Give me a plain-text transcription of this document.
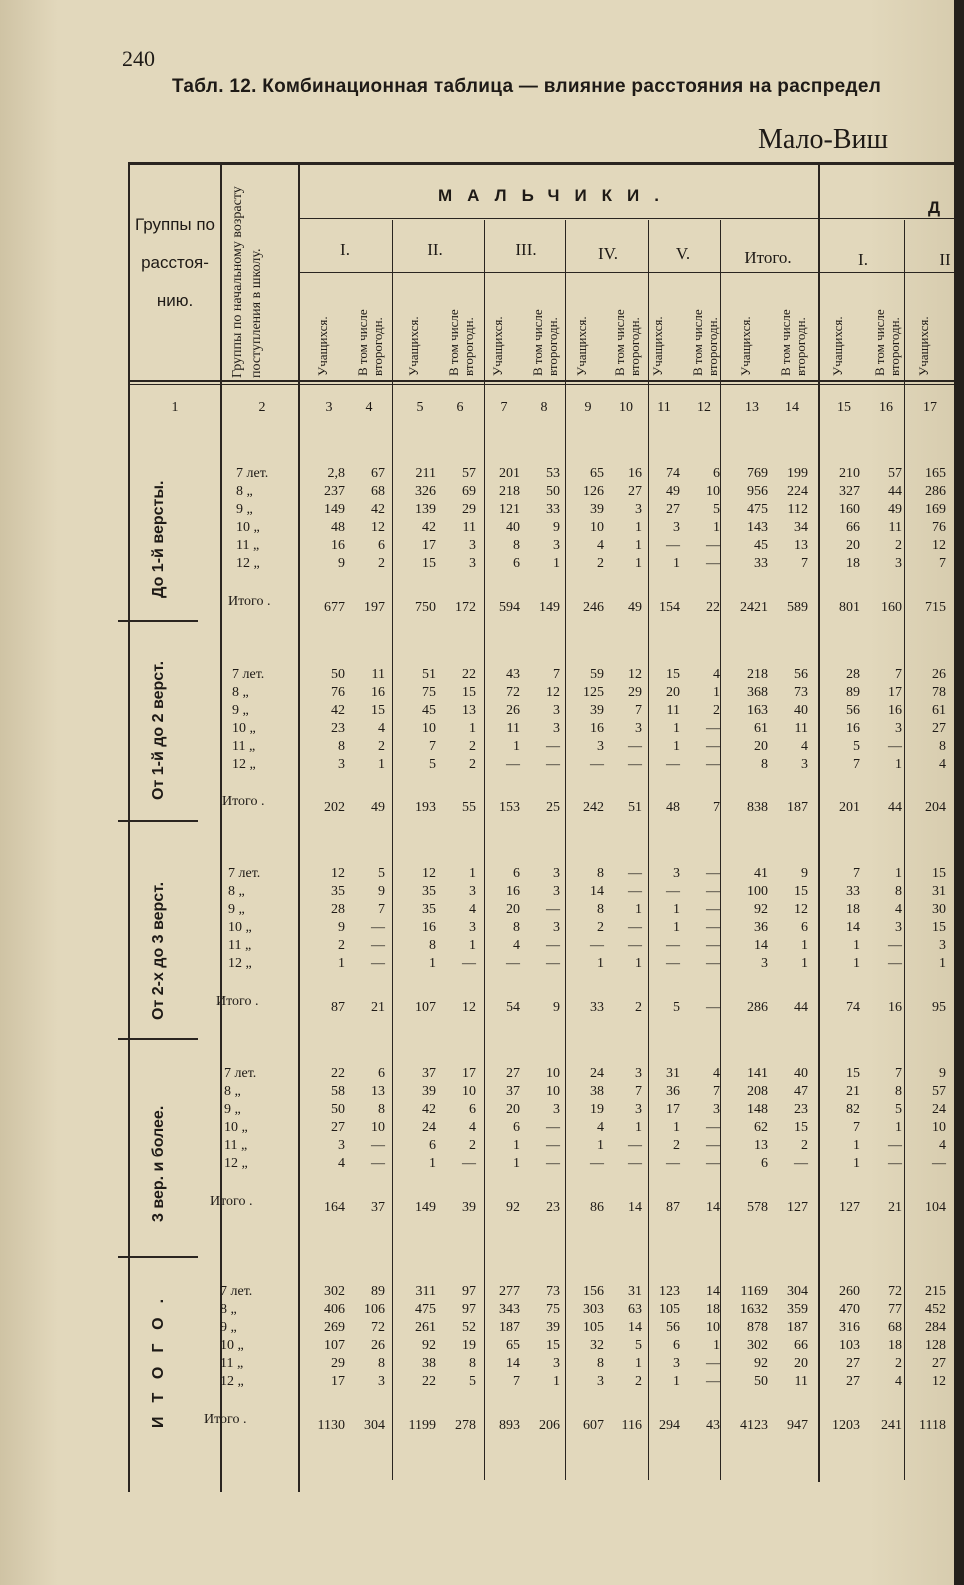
240
Табл. 12. Комбинационная таблица — влияние расстояния на распредел
Мало-Виш
Группы по расстоя-нию.	Группы по начальному возрасту поступления в школу.
МАЛЬЧИКИ.
Д
I.	II.	III.	IV.	V.	Итого.	I.	II
Учащихся. В том числе второгодн. Учащихся. В том числе второгодн. Учащихся. В том числе второгодн. Учащихся. В том числе второгодн. Учащихся. В том числе второгодн. Учащихся. В том числе второгодн. Учащихся. В том числе второгодн. Учащихся.
1	2	3	4	5	6	7	8	9	10	11	12	13	14	15	16	17
До 1-й версты.
От 1-й до 2 верст.
От 2-х до 3 верст.
3 вер. и более.
ИТОГО.
7 лет.	2,8	67	211	57	201	53	65	16	74	6	769	199	210	57	165
8 „	237	68	326	69	218	50	126	27	49	10	956	224	327	44	286
9 „	149	42	139	29	121	33	39	3	27	5	475	112	160	49	169
10 „	48	12	42	11	40	9	10	1	3	1	143	34	66	11	76
11 „	16	6	17	3	8	3	4	1	—	—	45	13	20	2	12
12 „	9	2	15	3	6	1	2	1	1	—	33	7	18	3	7
Итого .	677	197	750	172	594	149	246	49	154	22	2421	589	801	160	715
7 лет.	50	11	51	22	43	7	59	12	15	4	218	56	28	7	26
8 „	76	16	75	15	72	12	125	29	20	1	368	73	89	17	78
9 „	42	15	45	13	26	3	39	7	11	2	163	40	56	16	61
10 „	23	4	10	1	11	3	16	3	1	—	61	11	16	3	27
11 „	8	2	7	2	1	—	3	—	1	—	20	4	5	—	8
12 „	3	1	5	2	—	—	—	—	—	—	8	3	7	1	4
Итого .	202	49	193	55	153	25	242	51	48	7	838	187	201	44	204
7 лет.	12	5	12	1	6	3	8	—	3	—	41	9	7	1	15
8 „	35	9	35	3	16	3	14	—	—	—	100	15	33	8	31
9 „	28	7	35	4	20	—	8	1	1	—	92	12	18	4	30
10 „	9	—	16	3	8	3	2	—	1	—	36	6	14	3	15
11 „	2	—	8	1	4	—	—	—	—	—	14	1	1	—	3
12 „	1	—	1	—	—	—	1	1	—	—	3	1	1	—	1
Итого .	87	21	107	12	54	9	33	2	5	—	286	44	74	16	95
7 лет.	22	6	37	17	27	10	24	3	31	4	141	40	15	7	9
8 „	58	13	39	10	37	10	38	7	36	7	208	47	21	8	57
9 „	50	8	42	6	20	3	19	3	17	3	148	23	82	5	24
10 „	27	10	24	4	6	—	4	1	1	—	62	15	7	1	10
11 „	3	—	6	2	1	—	1	—	2	—	13	2	1	—	4
12 „	4	—	1	—	1	—	—	—	—	—	6	—	1	—	—
Итого .	164	37	149	39	92	23	86	14	87	14	578	127	127	21	104
7 лет.	302	89	311	97	277	73	156	31	123	14	1169	304	260	72	215
8 „	406	106	475	97	343	75	303	63	105	18	1632	359	470	77	452
9 „	269	72	261	52	187	39	105	14	56	10	878	187	316	68	284
10 „	107	26	92	19	65	15	32	5	6	1	302	66	103	18	128
11 „	29	8	38	8	14	3	8	1	3	—	92	20	27	2	27
12 „	17	3	22	5	7	1	3	2	1	—	50	11	27	4	12
Итого .	1130	304	1199	278	893	206	607	116	294	43	4123	947	1203	241	1118
